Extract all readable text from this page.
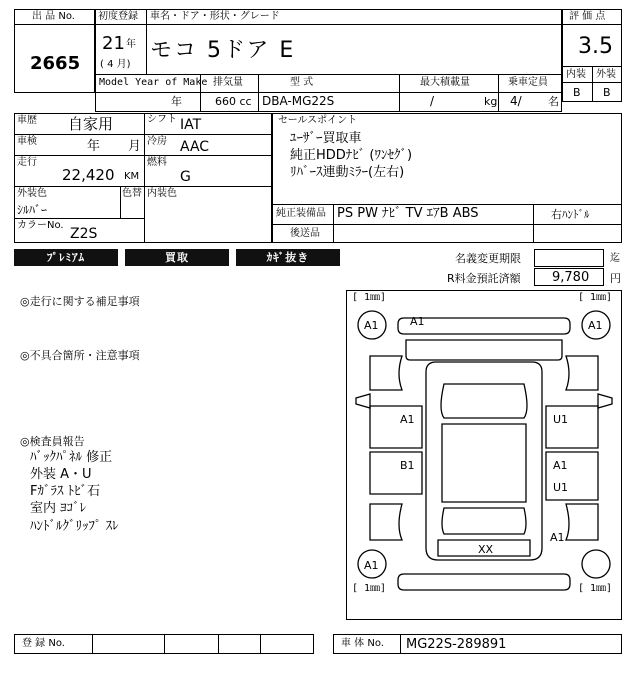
出 品 No.
2665
初度登録 車名・ドア・形状・グレード
21 年
( 4 月)
モコ 5ドア E
Model Year of Make 排気量	型 式	最大積載量	乗車定員
評 価 点
3.5
内装 外装
B B
年	660 cc DBA-MG22S	/	kg 4/ 名
車歴 自家用	シフト IAT
車検	年 月 冷房 AAC
走行
22,420 KM
燃料
G
外装色
ｼﾙﾊﾞｰ
色替 内装色
カラーNo.
Z2S
セールスポイント
ﾕｰｻﾞｰ買取車
純正HDDﾅﾋﾞ (ﾜﾝｾｸﾞ)
ﾘﾊﾞｰｽ連動ﾐﾗｰ(左右)
純正装備品 PS PW ﾅﾋﾞ TV ｴｱB ABS	右ﾊﾝﾄﾞﾙ
後送品
ﾌﾟﾚﾐｱﾑ	買取	ｶｷﾞ抜き	名義変更期限	迄
R料金預託済額 9,780 円
◎走行に関する補足事項
◎不具合箇所・注意事項
◎検査員報告
ﾊﾞｯｸﾊﾟﾈﾙ 修正
外装 A・U
Fｶﾞﾗｽ ﾄﾋﾞ石
室内 ﾖｺﾞﾚ
ﾊﾝﾄﾞﾙｸﾞﾘｯﾌﾟ ｽﾚ
[ 1㎜]	[ 1㎜]
[ 1㎜]	[ 1㎜]
A1	A1
A1
A1
A1
B1
U1
A1
U1
A1
XX
登 録 No.	車 体 No. MG22S-289891
